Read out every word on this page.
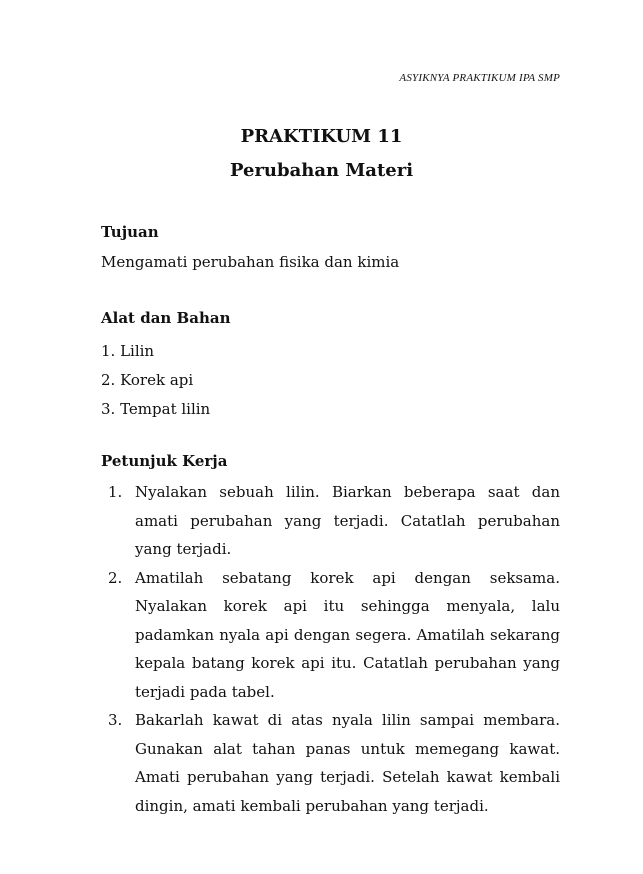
ASYIKNYA PRAKTIKUM IPA SMP
PRAKTIKUM 11
Perubahan Materi
Tujuan

Mengamati perubahan fisika dan kimia

Alat dan Bahan
1. Lilin
2. Korek api
3. Tempat lilin
Petunjuk Kerja
1. Nyalakan sebuah lilin. Biarkan beberapa saat dan amati perubahan yang terjadi. Catatlah perubahan yang terjadi.
2. Amatilah sebatang korek api dengan seksama. Nyalakan korek api itu sehingga menyala, lalu padamkan nyala api dengan segera. Amatilah sekarang kepala batang korek api itu. Catatlah perubahan yang terjadi pada tabel.
3. Bakarlah kawat di atas nyala lilin sampai membara. Gunakan alat tahan panas untuk memegang kawat. Amati perubahan yang terjadi. Setelah kawat kembali dingin, amati kembali perubahan yang terjadi.
